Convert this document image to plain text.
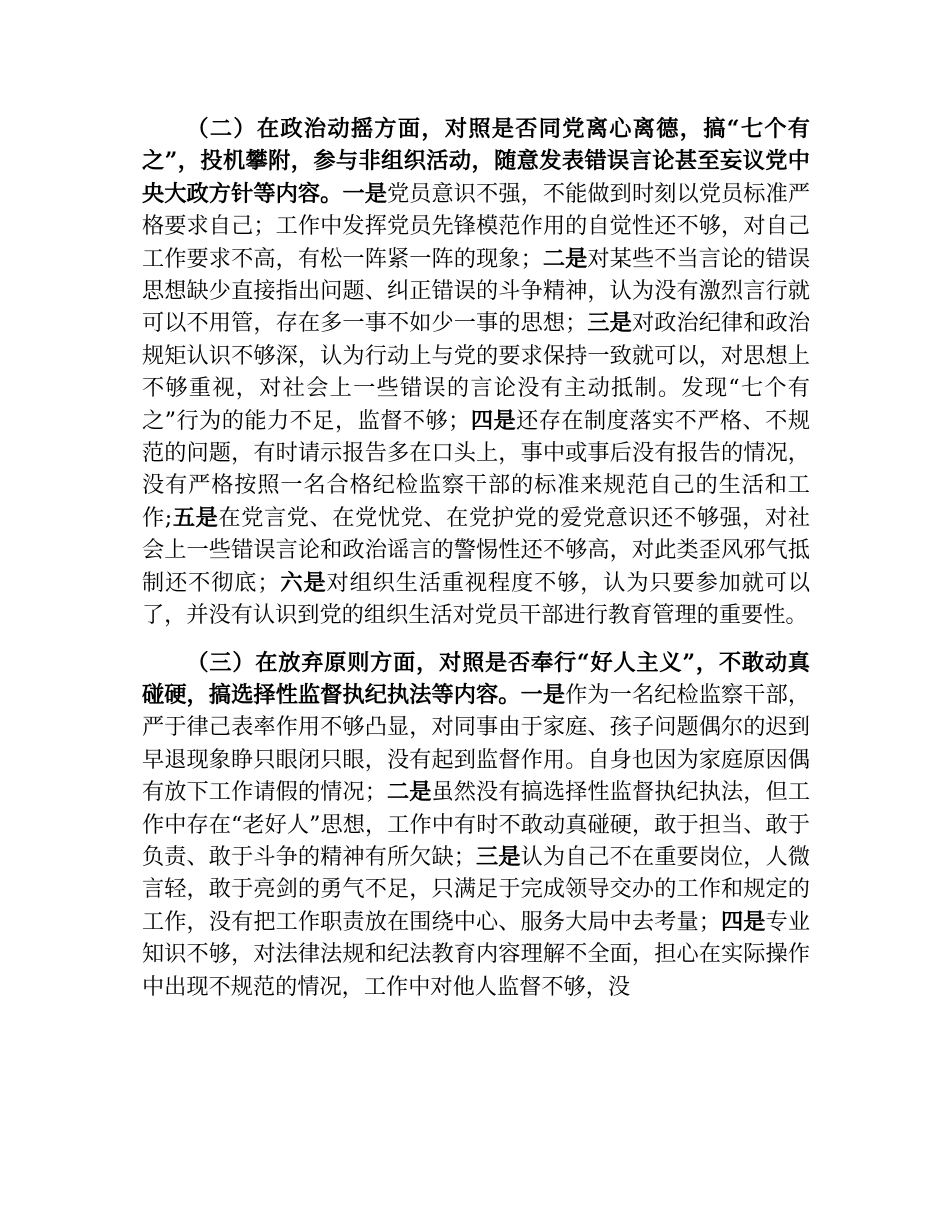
（二）在政治动摇方面，对照是否同党离心离德，搞“七个有之”，投机攀附，参与非组织活动，随意发表错误言论甚至妄议党中央大政方针等内容。一是党员意识不强，不能做到时刻以党员标准严格要求自己；工作中发挥党员先锋模范作用的自觉性还不够，对自己工作要求不高，有松一阵紧一阵的现象；二是对某些不当言论的错误思想缺少直接指出问题、纠正错误的斗争精神，认为没有激烈言行就可以不用管，存在多一事不如少一事的思想；三是对政治纪律和政治规矩认识不够深，认为行动上与党的要求保持一致就可以，对思想上不够重视，对社会上一些错误的言论没有主动抵制。发现“七个有之”行为的能力不足，监督不够；四是还存在制度落实不严格、不规范的问题，有时请示报告多在口头上，事中或事后没有报告的情况，没有严格按照一名合格纪检监察干部的标准来规范自己的生活和工作;五是在党言党、在党忧党、在党护党的爱党意识还不够强，对社会上一些错误言论和政治谣言的警惕性还不够高，对此类歪风邪气抵制还不彻底；六是对组织生活重视程度不够，认为只要参加就可以了，并没有认识到党的组织生活对党员干部进行教育管理的重要性。

（三）在放弃原则方面，对照是否奉行“好人主义”，不敢动真碰硬，搞选择性监督执纪执法等内容。一是作为一名纪检监察干部，严于律己表率作用不够凸显，对同事由于家庭、孩子问题偶尔的迟到早退现象睁只眼闭只眼，没有起到监督作用。自身也因为家庭原因偶有放下工作请假的情况；二是虽然没有搞选择性监督执纪执法，但工作中存在“老好人”思想，工作中有时不敢动真碰硬，敢于担当、敢于负责、敢于斗争的精神有所欠缺；三是认为自己不在重要岗位，人微言轻，敢于亮剑的勇气不足，只满足于完成领导交办的工作和规定的工作，没有把工作职责放在围绕中心、服务大局中去考量；四是专业知识不够，对法律法规和纪法教育内容理解不全面，担心在实际操作中出现不规范的情况，工作中对他人监督不够，没
